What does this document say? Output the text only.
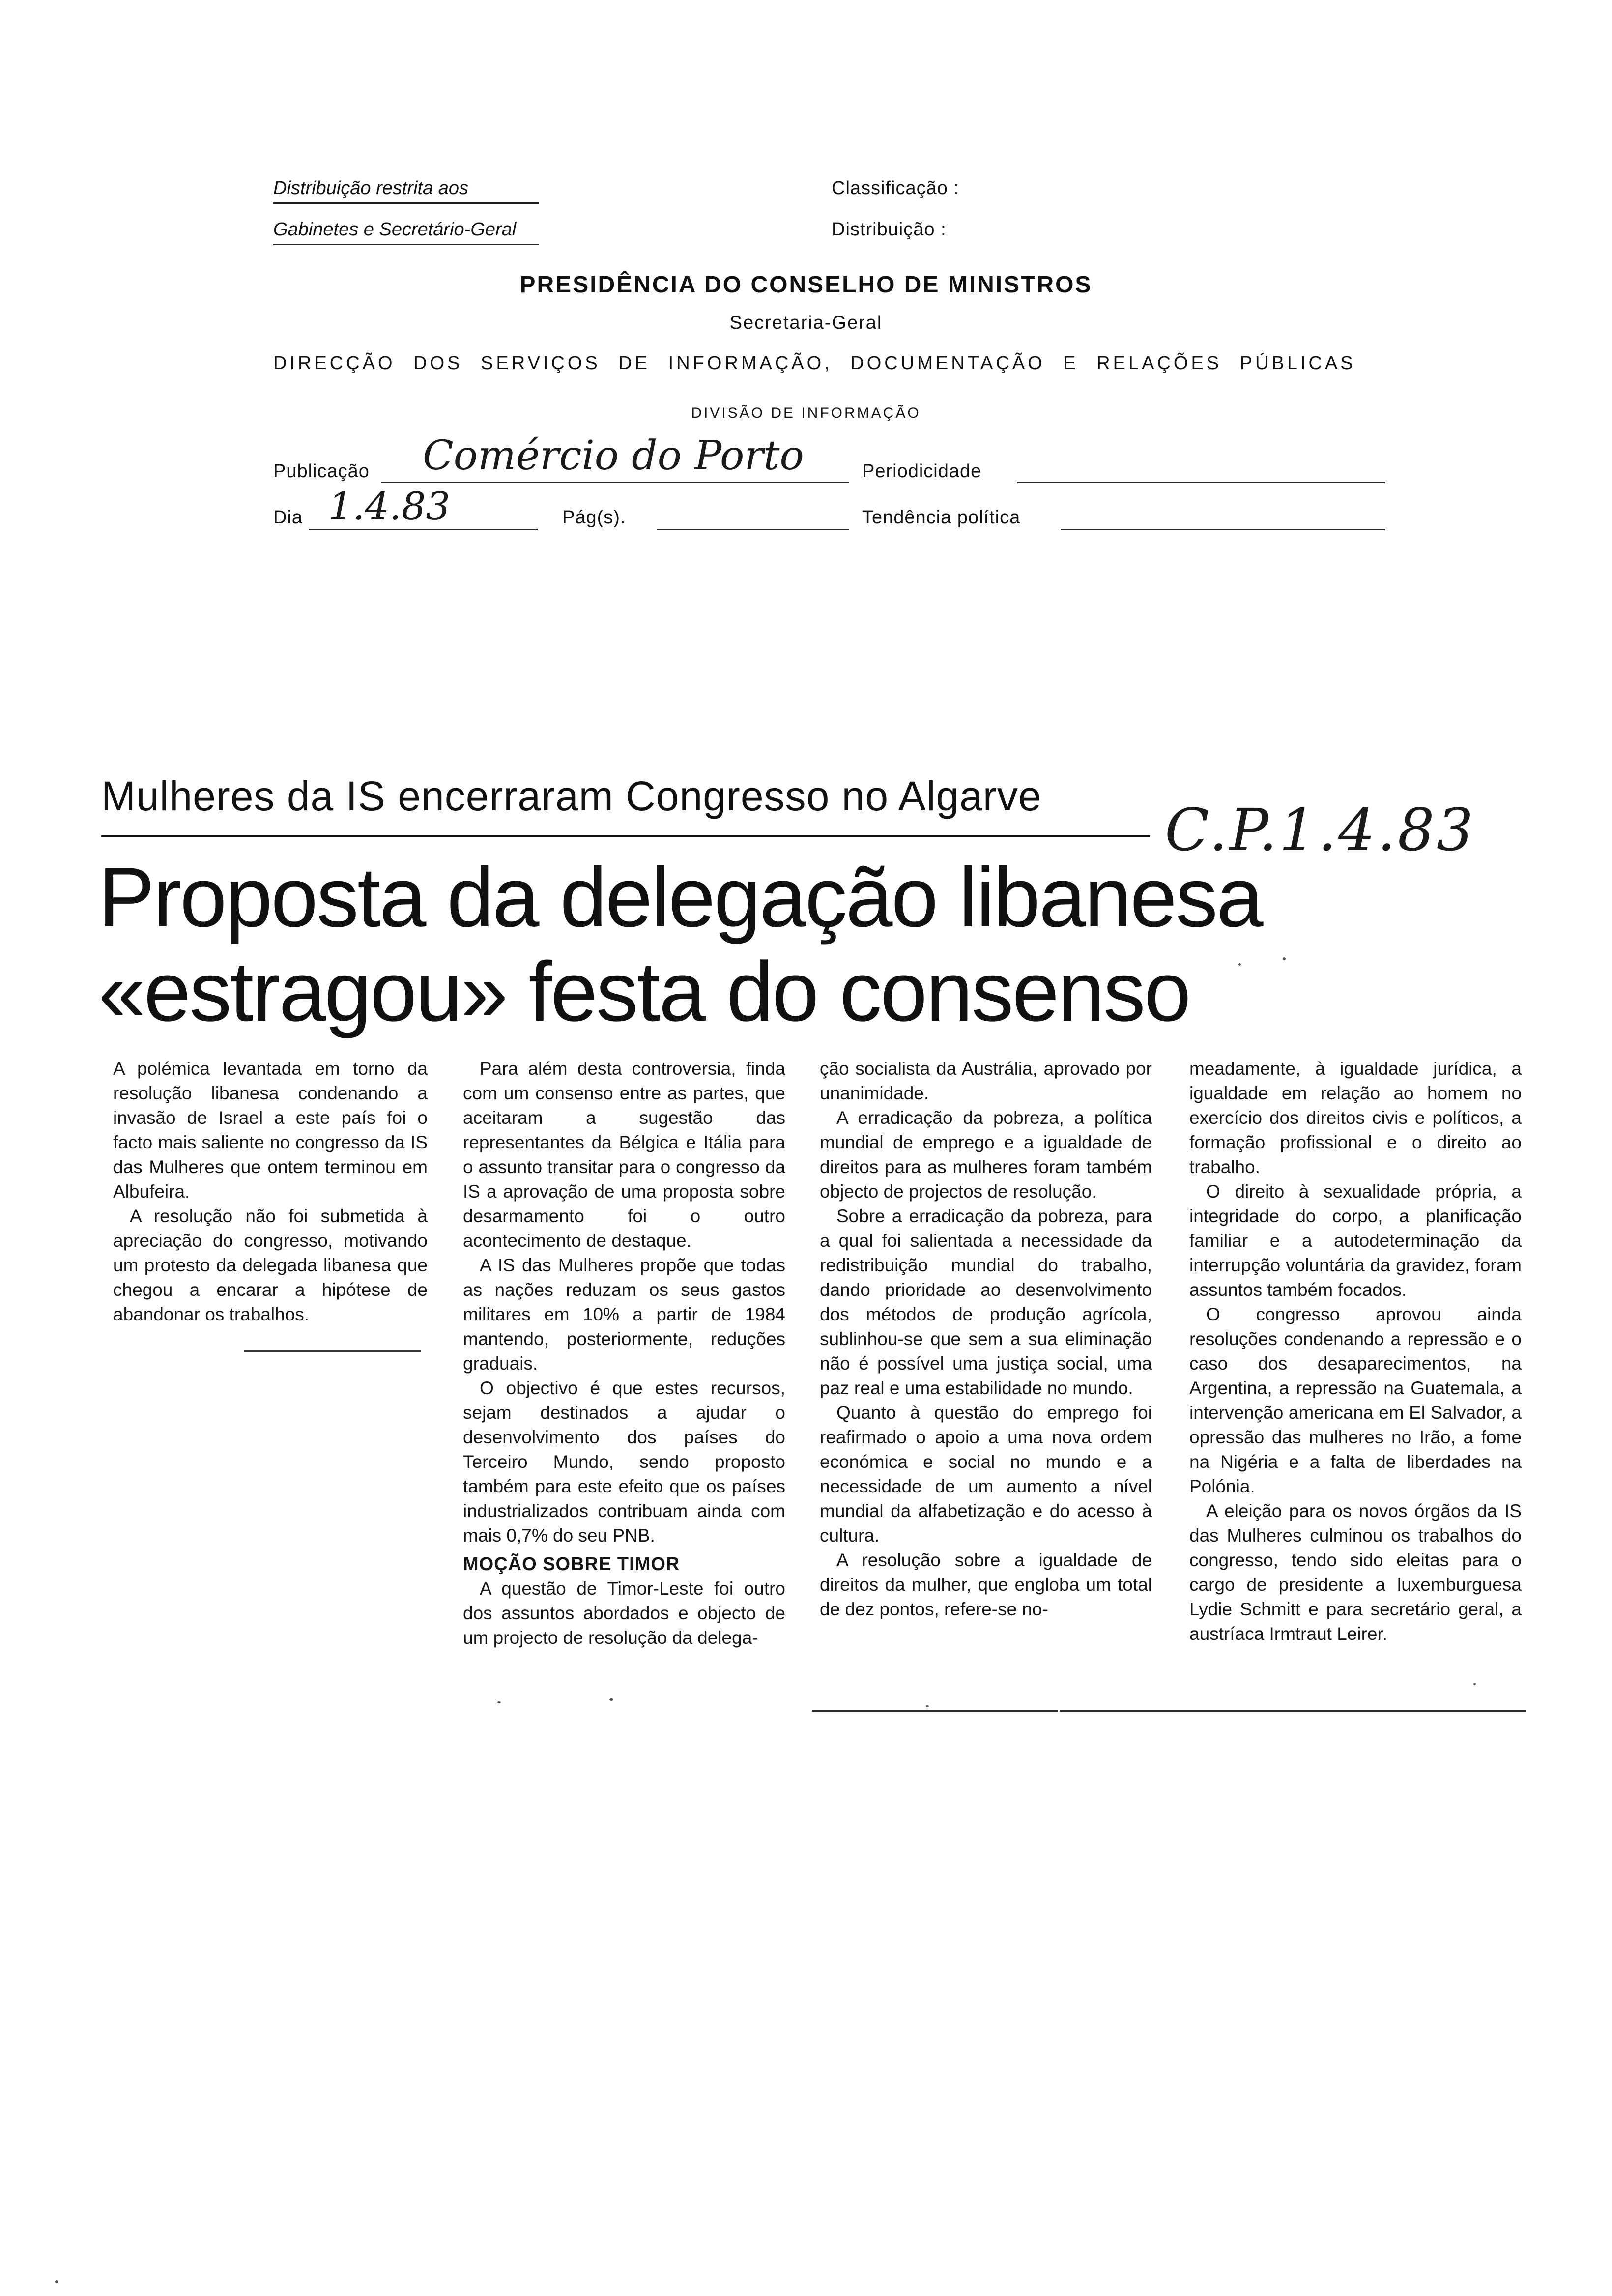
Distribuição restrita aos
Gabinetes e Secretário-Geral
Classificação :
Distribuição :
PRESIDÊNCIA DO CONSELHO DE MINISTROS
Secretaria-Geral
DIRECÇÃO DOS SERVIÇOS DE INFORMAÇÃO, DOCUMENTAÇÃO E RELAÇÕES PÚBLICAS
DIVISÃO DE INFORMAÇÃO
Publicação Comércio do Porto	Periodicidade
Dia 1.4.83	Pág(s).	Tendência política
Mulheres da IS encerraram Congresso no Algarve C.P.1.4.83
Proposta da delegação libanesa
«estragou» festa do consenso

A polémica levantada em torno da resolução libanesa condenando a invasão de Israel a este país foi o facto mais saliente no congresso da IS das Mulheres que ontem terminou em Albufeira.

A resolução não foi submetida à apreciação do congresso, motivando um protesto da delegada libanesa que chegou a encarar a hipótese de abandonar os trabalhos.

Para além desta controversia, finda com um consenso entre as partes, que aceitaram a sugestão das representantes da Bélgica e Itália para o assunto transitar para o congresso da IS a aprovação de uma proposta sobre desarmamento foi o outro acontecimento de destaque.

A IS das Mulheres propõe que todas as nações reduzam os seus gastos militares em 10% a partir de 1984 mantendo, posteriormente, reduções graduais.

O objectivo é que estes recursos, sejam destinados a ajudar o desenvolvimento dos países do Terceiro Mundo, sendo proposto também para este efeito que os países industrializados contribuam ainda com mais 0,7% do seu PNB.

MOÇÃO SOBRE TIMOR

A questão de Timor-Leste foi outro dos assuntos abordados e objecto de um projecto de resolução da delega-

ção socialista da Austrália, aprovado por unanimidade.

A erradicação da pobreza, a política mundial de emprego e a igualdade de direitos para as mulheres foram também objecto de projectos de resolução.

Sobre a erradicação da pobreza, para a qual foi salientada a necessidade da redistribuição mundial do trabalho, dando prioridade ao desenvolvimento dos métodos de produção agrícola, sublinhou-se que sem a sua eliminação não é possível uma justiça social, uma paz real e uma estabilidade no mundo.

Quanto à questão do emprego foi reafirmado o apoio a uma nova ordem económica e social no mundo e a necessidade de um aumento a nível mundial da alfabetização e do acesso à cultura.

A resolução sobre a igualdade de direitos da mulher, que engloba um total de dez pontos, refere-se no-

meadamente, à igualdade jurídica, a igualdade em relação ao homem no exercício dos direitos civis e políticos, a formação profissional e o direito ao trabalho.

O direito à sexualidade própria, a integridade do corpo, a planificação familiar e a autodeterminação da interrupção voluntária da gravidez, foram assuntos também focados.

O congresso aprovou ainda resoluções condenando a repressão e o caso dos desaparecimentos, na Argentina, a repressão na Guatemala, a intervenção americana em El Salvador, a opressão das mulheres no Irão, a fome na Nigéria e a falta de liberdades na Polónia.

A eleição para os novos órgãos da IS das Mulheres culminou os trabalhos do congresso, tendo sido eleitas para o cargo de presidente a luxemburguesa Lydie Schmitt e para secretário geral, a austríaca Irmtraut Leirer.
